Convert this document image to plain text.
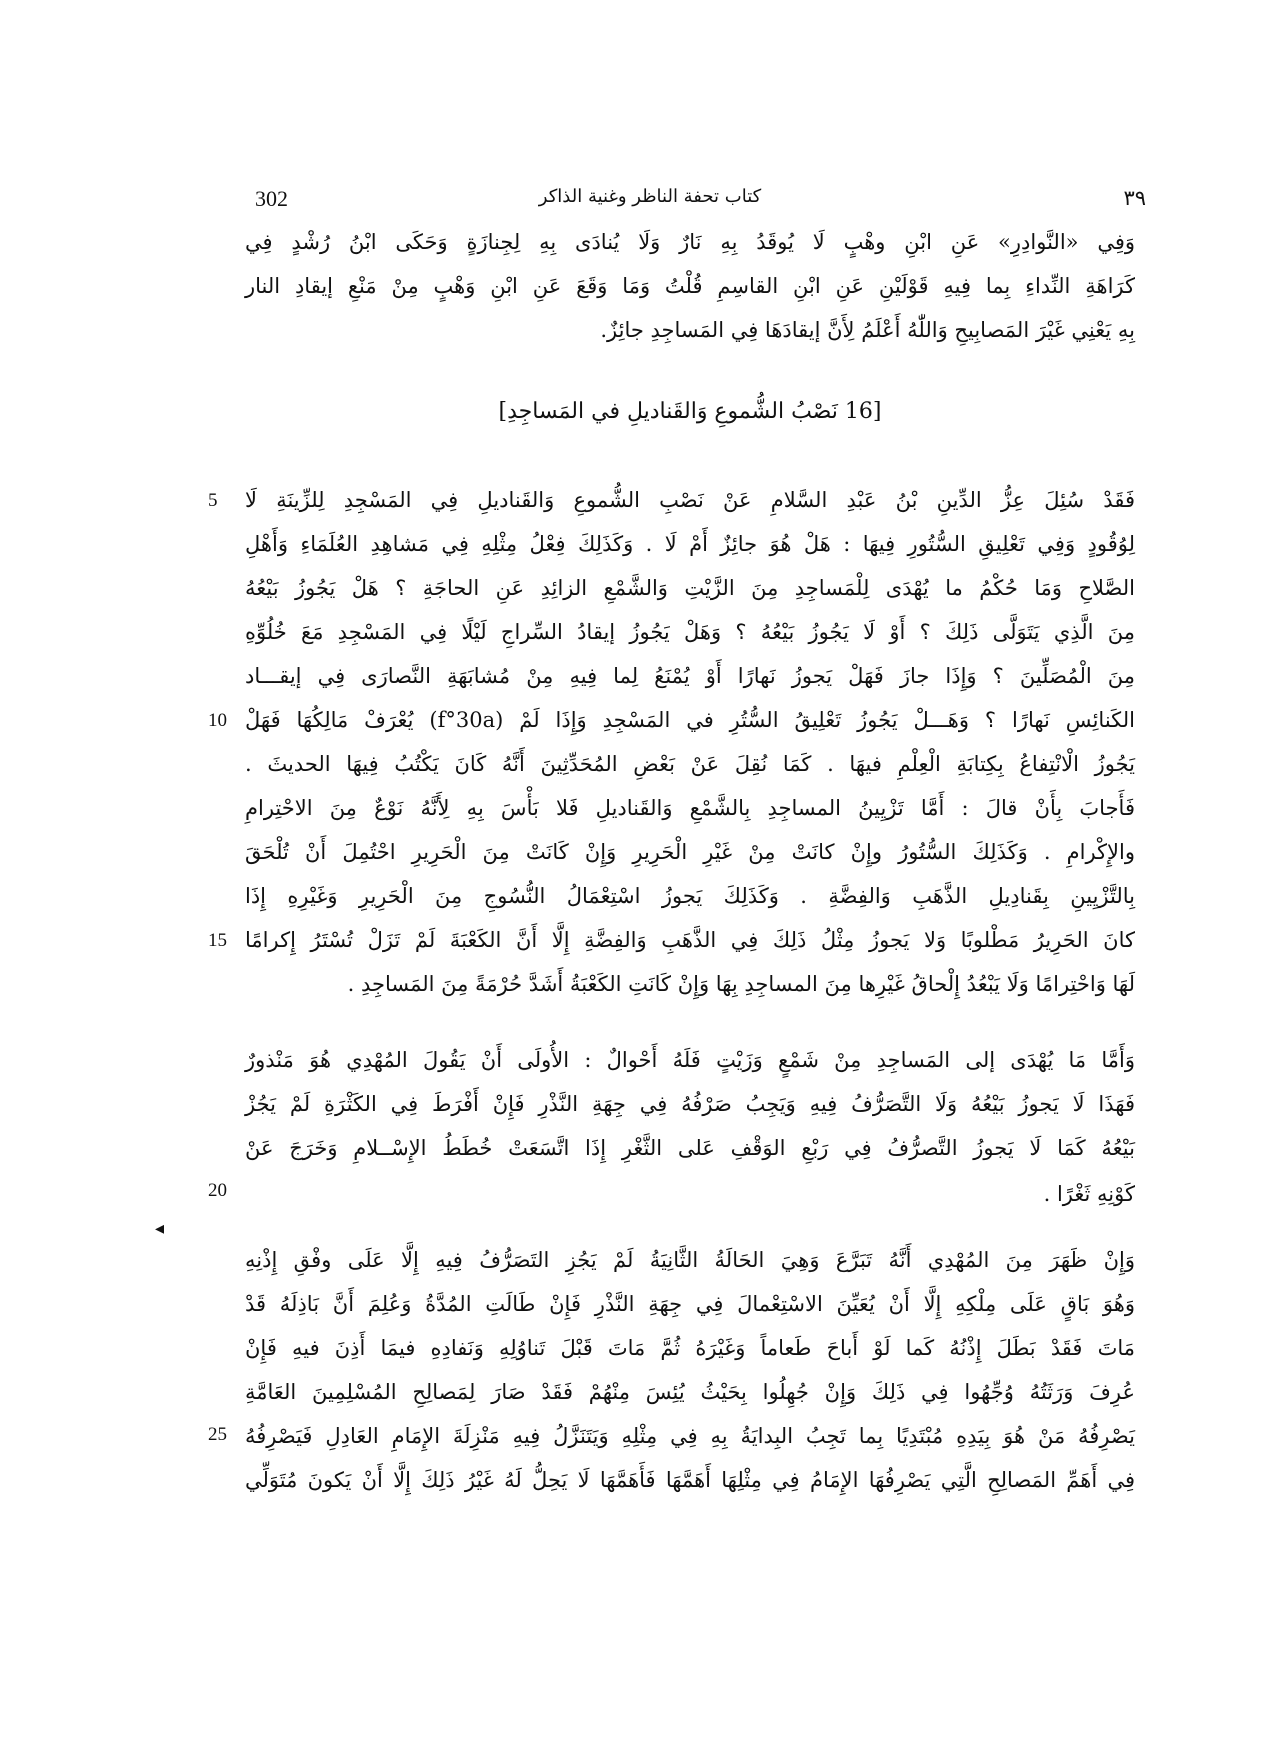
302	كتاب تحفة الناظر وغنية الذاكر	٣٩
وَفِي «النَّوادِرِ» عَنِ ابْنِ وهْبٍ لَا يُوقَدُ بِهِ نَارٌ وَلَا يُنادَى بِهِ لِجِنازَةٍ وَحَكَى ابْنُ رُشْدٍ فِي
كَرَاهَةِ النِّداءِ بِما فِيهِ قَوْلَيْنِ عَنِ ابْنِ القاسِمِ قُلْتُ وَمَا وَقَعَ عَنِ ابْنِ وَهْبٍ مِنْ مَنْعِ إيقادِ النار
بِهِ يَعْنِي غَيْرَ المَصابِيحِ وَاللّٰهُ أَعْلَمُ لِأَنَّ إيقادَهَا فِي المَساجِدِ جائِزٌ.
[16 نَصْبُ الشُّموعِ وَالقَناديلِ في المَساجِدِ]
فَقَدْ سُئِلَ عِزُّ الدِّينِ بْنُ عَبْدِ السَّلامِ عَنْ نَصْبِ الشُّموعِ وَالقَناديلِ فِي المَسْجِدِ لِلزِّينَةِ لَا
لِوُقُودٍ وَفِي تَعْلِيقِ السُّتُورِ فِيهَا : هَلْ هُوَ جائِزٌ أَمْ لَا . وَكَذَلِكَ فِعْلُ مِثْلِهِ فِي مَشاهِدِ العُلَمَاءِ وَأَهْلِ
الصَّلاحِ وَمَا حُكْمُ ما يُهْدَى لِلْمَساجِدِ مِنَ الزَّيْتِ وَالشَّمْعِ الزائِدِ عَنِ الحاجَةِ ؟ هَلْ يَجُوزُ بَيْعُهُ
مِنَ الَّذِي يَتَوَلَّى ذَلِكَ ؟ أَوْ لَا يَجُوزُ بَيْعُهُ ؟ وَهَلْ يَجُوزُ إيقادُ السِّراجِ لَيْلًا فِي المَسْجِدِ مَعَ خُلُوِّهِ
مِنَ الْمُصَلِّينَ ؟ وَإِذَا جازَ فَهَلْ يَجوزُ نَهارًا أَوْ يُمْنَعُ لِما فِيهِ مِنْ مُشابَهَةِ النَّصارَى فِي إيقـــاد
الكَنائِسِ نَهارًا ؟ وَهَـــلْ يَجُوزُ تَعْلِيقُ السُّتُرِ في المَسْجِدِ وَإِذَا لَمْ (f°30a) يُعْرَفْ مَالِكُهَا فَهَلْ
يَجُوزُ الْانْتِفاعُ بِكِتابَةِ الْعِلْمِ فيهَا . كَمَا نُقِلَ عَنْ بَعْضِ المُحَدِّثِينَ أَنَّهُ كَانَ يَكْتُبُ فِيهَا الحديثَ .
فَأَجابَ بِأَنْ قالَ : أَمَّا تَزْيِينُ المساجِدِ بِالشَّمْعِ وَالقَناديلِ فَلا بَأْسَ بِهِ لِأَنَّهُ نَوْعٌ مِنَ الاحْتِرامِ
والإِكْرامِ . وَكَذَلِكَ السُّتُورُ وإِنْ كانَتْ مِنْ غَيْرِ الْحَرِيرِ وَإِنْ كَانَتْ مِنَ الْحَرِيرِ احْتُمِلَ أَنْ تُلْحَقَ
بِالتَّزْيِينِ بِقَنادِيلِ الذَّهَبِ وَالفِضَّةِ . وَكَذَلِكَ يَجوزُ اسْتِعْمَالُ النُّسُوجِ مِنَ الْحَرِيرِ وَغَيْرِهِ إِذَا
كانَ الحَرِيرُ مَطْلوبًا وَلا يَجوزُ مِثْلُ ذَلِكَ فِي الذَّهَبِ وَالفِضَّةِ إِلَّا أَنَّ الكَعْبَةَ لَمْ تَزَلْ تُسْتَرُ إِكرامًا
لَهَا وَاحْتِرامًا وَلَا يَبْعُدُ إِلْحاقُ غَيْرِها مِنَ المساجِدِ بِهَا وَإِنْ كَانَتِ الكَعْبَةُ أَشَدَّ حُرْمَةً مِنَ المَساجِدِ .
وَأَمَّا مَا يُهْدَى إلى المَساجِدِ مِنْ شَمْعٍ وَزَيْتٍ فَلَهُ أَحْوالٌ : الأُولَى أَنْ يَقُولَ المُهْدِي هُوَ مَنْذورٌ
فَهَذَا لَا يَجوزُ بَيْعُهُ وَلَا التَّصَرُّفُ فِيهِ وَيَجِبُ صَرْفُهُ فِي جِهَةِ النَّذْرِ فَإِنْ أَفْرَطَ فِي الكَثْرَةِ لَمْ يَجُزْ
بَيْعُهُ كَمَا لَا يَجوزُ التَّصرُّفُ فِي رَبْعِ الوَقْفِ عَلى الثَّغْرِ إِذَا اتَّسَعَتْ خُطَطُ الإِسْــلامِ وَخَرَجَ عَنْ
كَوْنِهِ ثَغْرًا .
وَإِنْ ظَهَرَ مِنَ المُهْدِي أَنَّهُ تَبَرَّعَ وَهِيَ الحَالَةُ الثَّانِيَةُ لَمْ يَجُزِ التَصَرُّفُ فِيهِ إِلَّا عَلَى وفْقِ إِذْنِهِ
وَهُوَ بَاقٍ عَلَى مِلْكِهِ إِلَّا أَنْ يُعَيِّنَ الاسْتِعْمالَ فِي جِهَةِ النَّذْرِ فَإِنْ طَالَتِ المُدَّةُ وَعُلِمَ أَنَّ بَاذِلَهُ قَدْ
مَاتَ فَقَدْ بَطَلَ إِذْنُهُ كَما لَوْ أَباحَ طَعاماً وَغَيْرَهُ ثُمَّ مَاتَ قَبْلَ تَناوُلِهِ وَنَفادِهِ فيمَا أَذِنَ فيهِ فَإِنْ
عُرِفَ وَرَثَتُهُ وُجِّهُوا فِي ذَلِكَ وَإِنْ جُهِلُوا بِحَيْثُ يُئِسَ مِنْهُمْ فَقَدْ صَارَ لِمَصالِحِ المُسْلِمِينَ العَامَّةِ
يَصْرِفُهُ مَنْ هُوَ بِيَدِهِ مُبْتَدِيًا بِما تَجِبُ البِدايَةُ بِهِ فِي مِثْلِهِ وَيَتَنَزَّلُ فِيهِ مَنْزِلَةَ الإِمَامِ العَادِلِ فَيَصْرِفُهُ
فِي أَهَمِّ المَصالِحِ الَّتِي يَصْرِفُهَا الإِمَامُ فِي مِثْلِهَا أَهَمَّهَا فَأَهَمَّهَا لَا يَحِلُّ لَهُ غَيْرُ ذَلِكَ إِلَّا أَنْ يَكونَ مُتَوَلِّي
5
10
15
20
25
◂
